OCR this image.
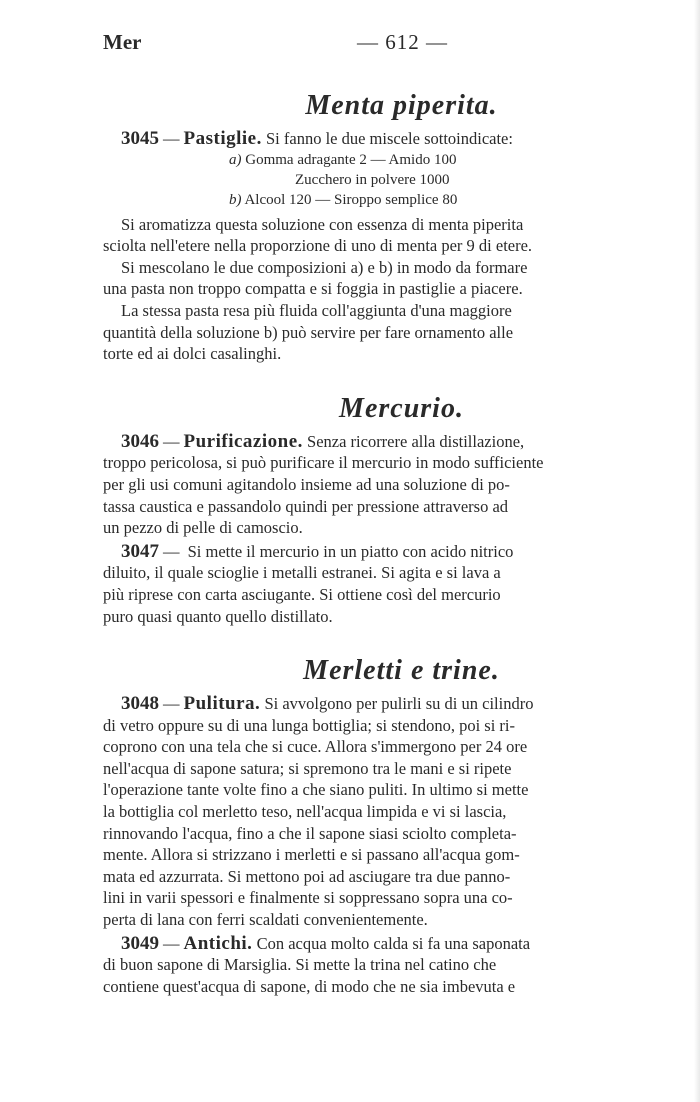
Mer	— 612 —
Menta piperita.

3045 — Pastiglie. Si fanno le due miscele sottoindicate:

a) Gomma adragante 2 — Amido 100

Zucchero in polvere 1000

b) Alcool 120 — Siroppo semplice 80

Si aromatizza questa soluzione con essenza di menta piperita

sciolta nell'etere nella proporzione di uno di menta per 9 di etere.

Si mescolano le due composizioni a) e b) in modo da formare

una pasta non troppo compatta e si foggia in pastiglie a piacere.

La stessa pasta resa più fluida coll'aggiunta d'una maggiore

quantità della soluzione b) può servire per fare ornamento alle

torte ed ai dolci casalinghi.

Mercurio.

3046 — Purificazione. Senza ricorrere alla distillazione,

troppo pericolosa, si può purificare il mercurio in modo sufficiente

per gli usi comuni agitandolo insieme ad una soluzione di po-

tassa caustica e passandolo quindi per pressione attraverso ad

un pezzo di pelle di camoscio.

3047 — Si mette il mercurio in un piatto con acido nitrico

diluito, il quale scioglie i metalli estranei. Si agita e si lava a

più riprese con carta asciugante. Si ottiene così del mercurio

puro quasi quanto quello distillato.

Merletti e trine.

3048 — Pulitura. Si avvolgono per pulirli su di un cilindro

di vetro oppure su di una lunga bottiglia; si stendono, poi si ri-

coprono con una tela che si cuce. Allora s'immergono per 24 ore

nell'acqua di sapone satura; si spremono tra le mani e si ripete

l'operazione tante volte fino a che siano puliti. In ultimo si mette

la bottiglia col merletto teso, nell'acqua limpida e vi si lascia,

rinnovando l'acqua, fino a che il sapone siasi sciolto completa-

mente. Allora si strizzano i merletti e si passano all'acqua gom-

mata ed azzurrata. Si mettono poi ad asciugare tra due panno-

lini in varii spessori e finalmente si soppressano sopra una co-

perta di lana con ferri scaldati convenientemente.

3049 — Antichi. Con acqua molto calda si fa una saponata

di buon sapone di Marsiglia. Si mette la trina nel catino che

contiene quest'acqua di sapone, di modo che ne sia imbevuta e
